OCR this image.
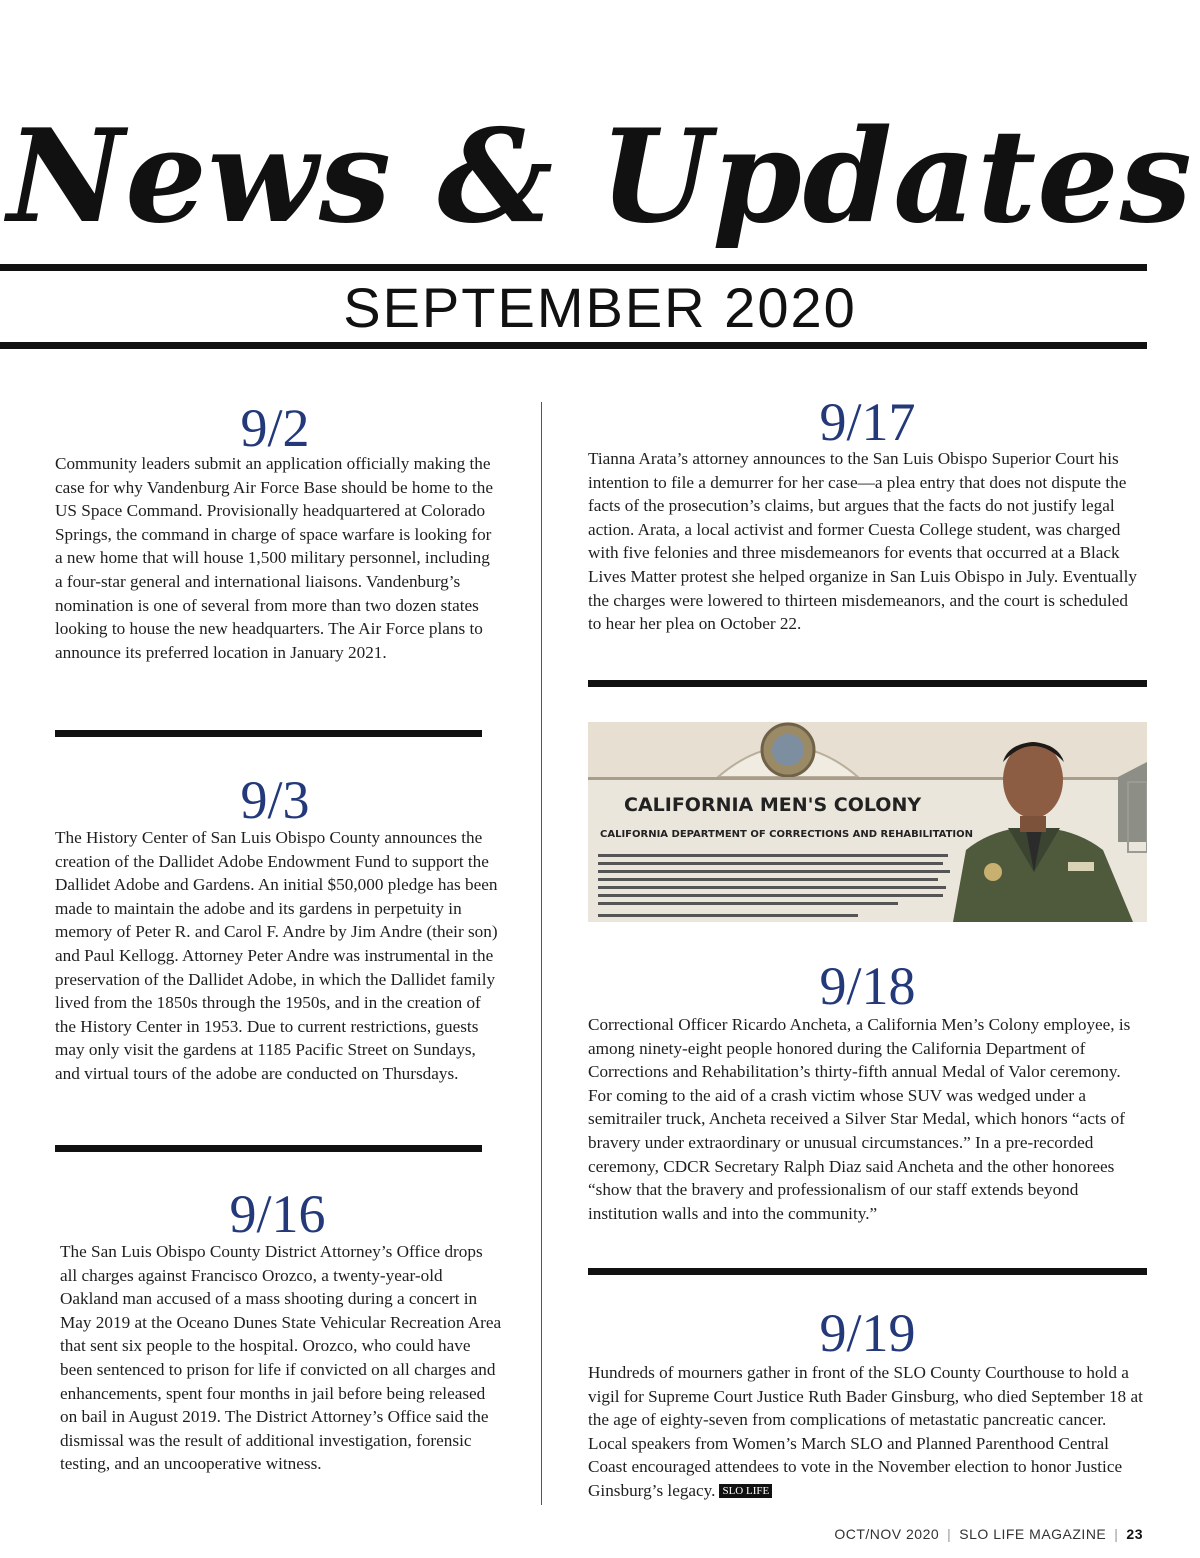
News & Updates
SEPTEMBER 2020
9/2
Community leaders submit an application officially making the case for why Vandenburg Air Force Base should be home to the US Space Command. Provisionally headquartered at Colorado Springs, the command in charge of space warfare is looking for a new home that will house 1,500 military personnel, including a four-star general and international liaisons. Vandenburg’s nomination is one of several from more than two dozen states looking to house the new headquarters. The Air Force plans to announce its preferred location in January 2021.
9/3
The History Center of San Luis Obispo County announces the creation of the Dallidet Adobe Endowment Fund to support the Dallidet Adobe and Gardens. An initial $50,000 pledge has been made to maintain the adobe and its gardens in perpetuity in memory of Peter R. and Carol F. Andre by Jim Andre (their son) and Paul Kellogg. Attorney Peter Andre was instrumental in the preservation of the Dallidet Adobe, in which the Dallidet family lived from the 1850s through the 1950s, and in the creation of the History Center in 1953. Due to current restrictions, guests may only visit the gardens at 1185 Pacific Street on Sundays, and virtual tours of the adobe are conducted on Thursdays.
9/16
The San Luis Obispo County District Attorney’s Office drops all charges against Francisco Orozco, a twenty-year-old Oakland man accused of a mass shooting during a concert in May 2019 at the Oceano Dunes State Vehicular Recreation Area that sent six people to the hospital. Orozco, who could have been sentenced to prison for life if convicted on all charges and enhancements, spent four months in jail before being released on bail in August 2019. The District Attorney’s Office said the dismissal was the result of additional investigation, forensic testing, and an uncooperative witness.
9/17
Tianna Arata’s attorney announces to the San Luis Obispo Superior Court his intention to file a demurrer for her case—a plea entry that does not dispute the facts of the prosecution’s claims, but argues that the facts do not justify legal action. Arata, a local activist and former Cuesta College student, was charged with five felonies and three misdemeanors for events that occurred at a Black Lives Matter protest she helped organize in San Luis Obispo in July. Eventually the charges were lowered to thirteen misdemeanors, and the court is scheduled to hear her plea on October 22.
CALIFORNIA MEN'S COLONY
CALIFORNIA DEPARTMENT OF CORRECTIONS AND REHABILITATION
9/18
Correctional Officer Ricardo Ancheta, a California Men’s Colony employee, is among ninety-eight people honored during the California Department of Corrections and Rehabilitation’s thirty-fifth annual Medal of Valor ceremony. For coming to the aid of a crash victim whose SUV was wedged under a semitrailer truck, Ancheta received a Silver Star Medal, which honors “acts of bravery under extraordinary or unusual circumstances.” In a pre-recorded ceremony, CDCR Secretary Ralph Diaz said Ancheta and the other honorees “show that the bravery and professionalism of our staff extends beyond institution walls and into the community.”
9/19
Hundreds of mourners gather in front of the SLO County Courthouse to hold a vigil for Supreme Court Justice Ruth Bader Ginsburg, who died September 18 at the age of eighty-seven from complications of metastatic pancreatic cancer. Local speakers from Women’s March SLO and Planned Parenthood Central Coast encouraged attendees to vote in the November election to honor Justice Ginsburg’s legacy. SLO LIFE
OCT/NOV 2020 | SLO LIFE MAGAZINE | 23
